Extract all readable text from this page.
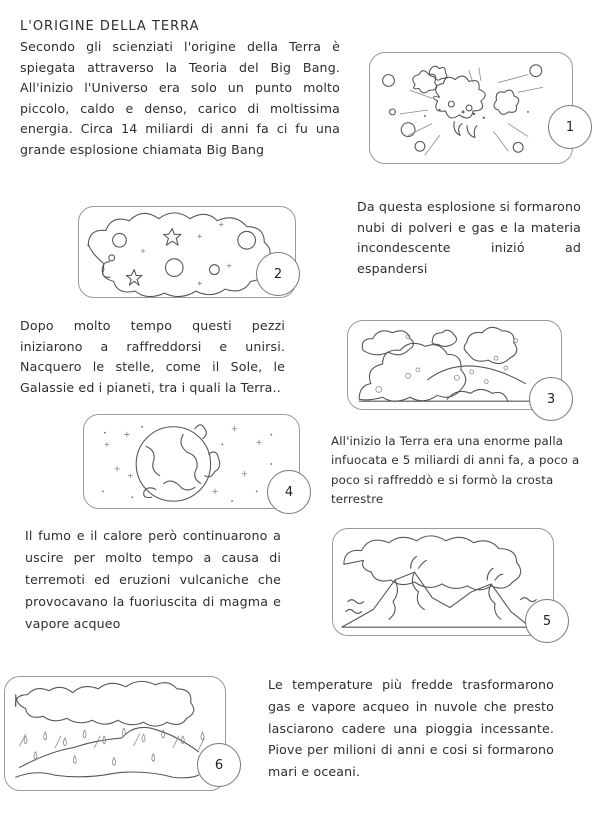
L'ORIGINE DELLA TERRA
Secondo gli scienziati l'origine della Terra è spiegata attraverso la Teoria del Big Bang. All'inizio l'Universo era solo un punto molto piccolo, caldo e denso, carico di moltissima energia. Circa 14 miliardi di anni fa ci fu una grande esplosione chiamata Big Bang
1
2
Da questa esplosione si formarono nubi di polveri e gas e la materia incondescente inizió ad espandersi
Dopo molto tempo questi pezzi iniziarono a raffreddorsi e unirsi. Nacquero le stelle, come il Sole, le Galassie ed i pianeti, tra i quali la Terra..
3
4
All'inizio la Terra era una enorme palla infuocata e 5 miliardi di anni fa, a poco a poco si raffreddò e si formò la crosta terrestre
Il fumo e il calore però continuarono a uscire per molto tempo a causa di terremoti ed eruzioni vulcaniche che provocavano la fuoriuscita di magma e vapore acqueo	5
6
Le temperature più fredde trasformarono gas e vapore acqueo in nuvole che presto lasciarono cadere una pioggia incessante. Piove per milioni di anni e cosi si formarono mari e oceani.
